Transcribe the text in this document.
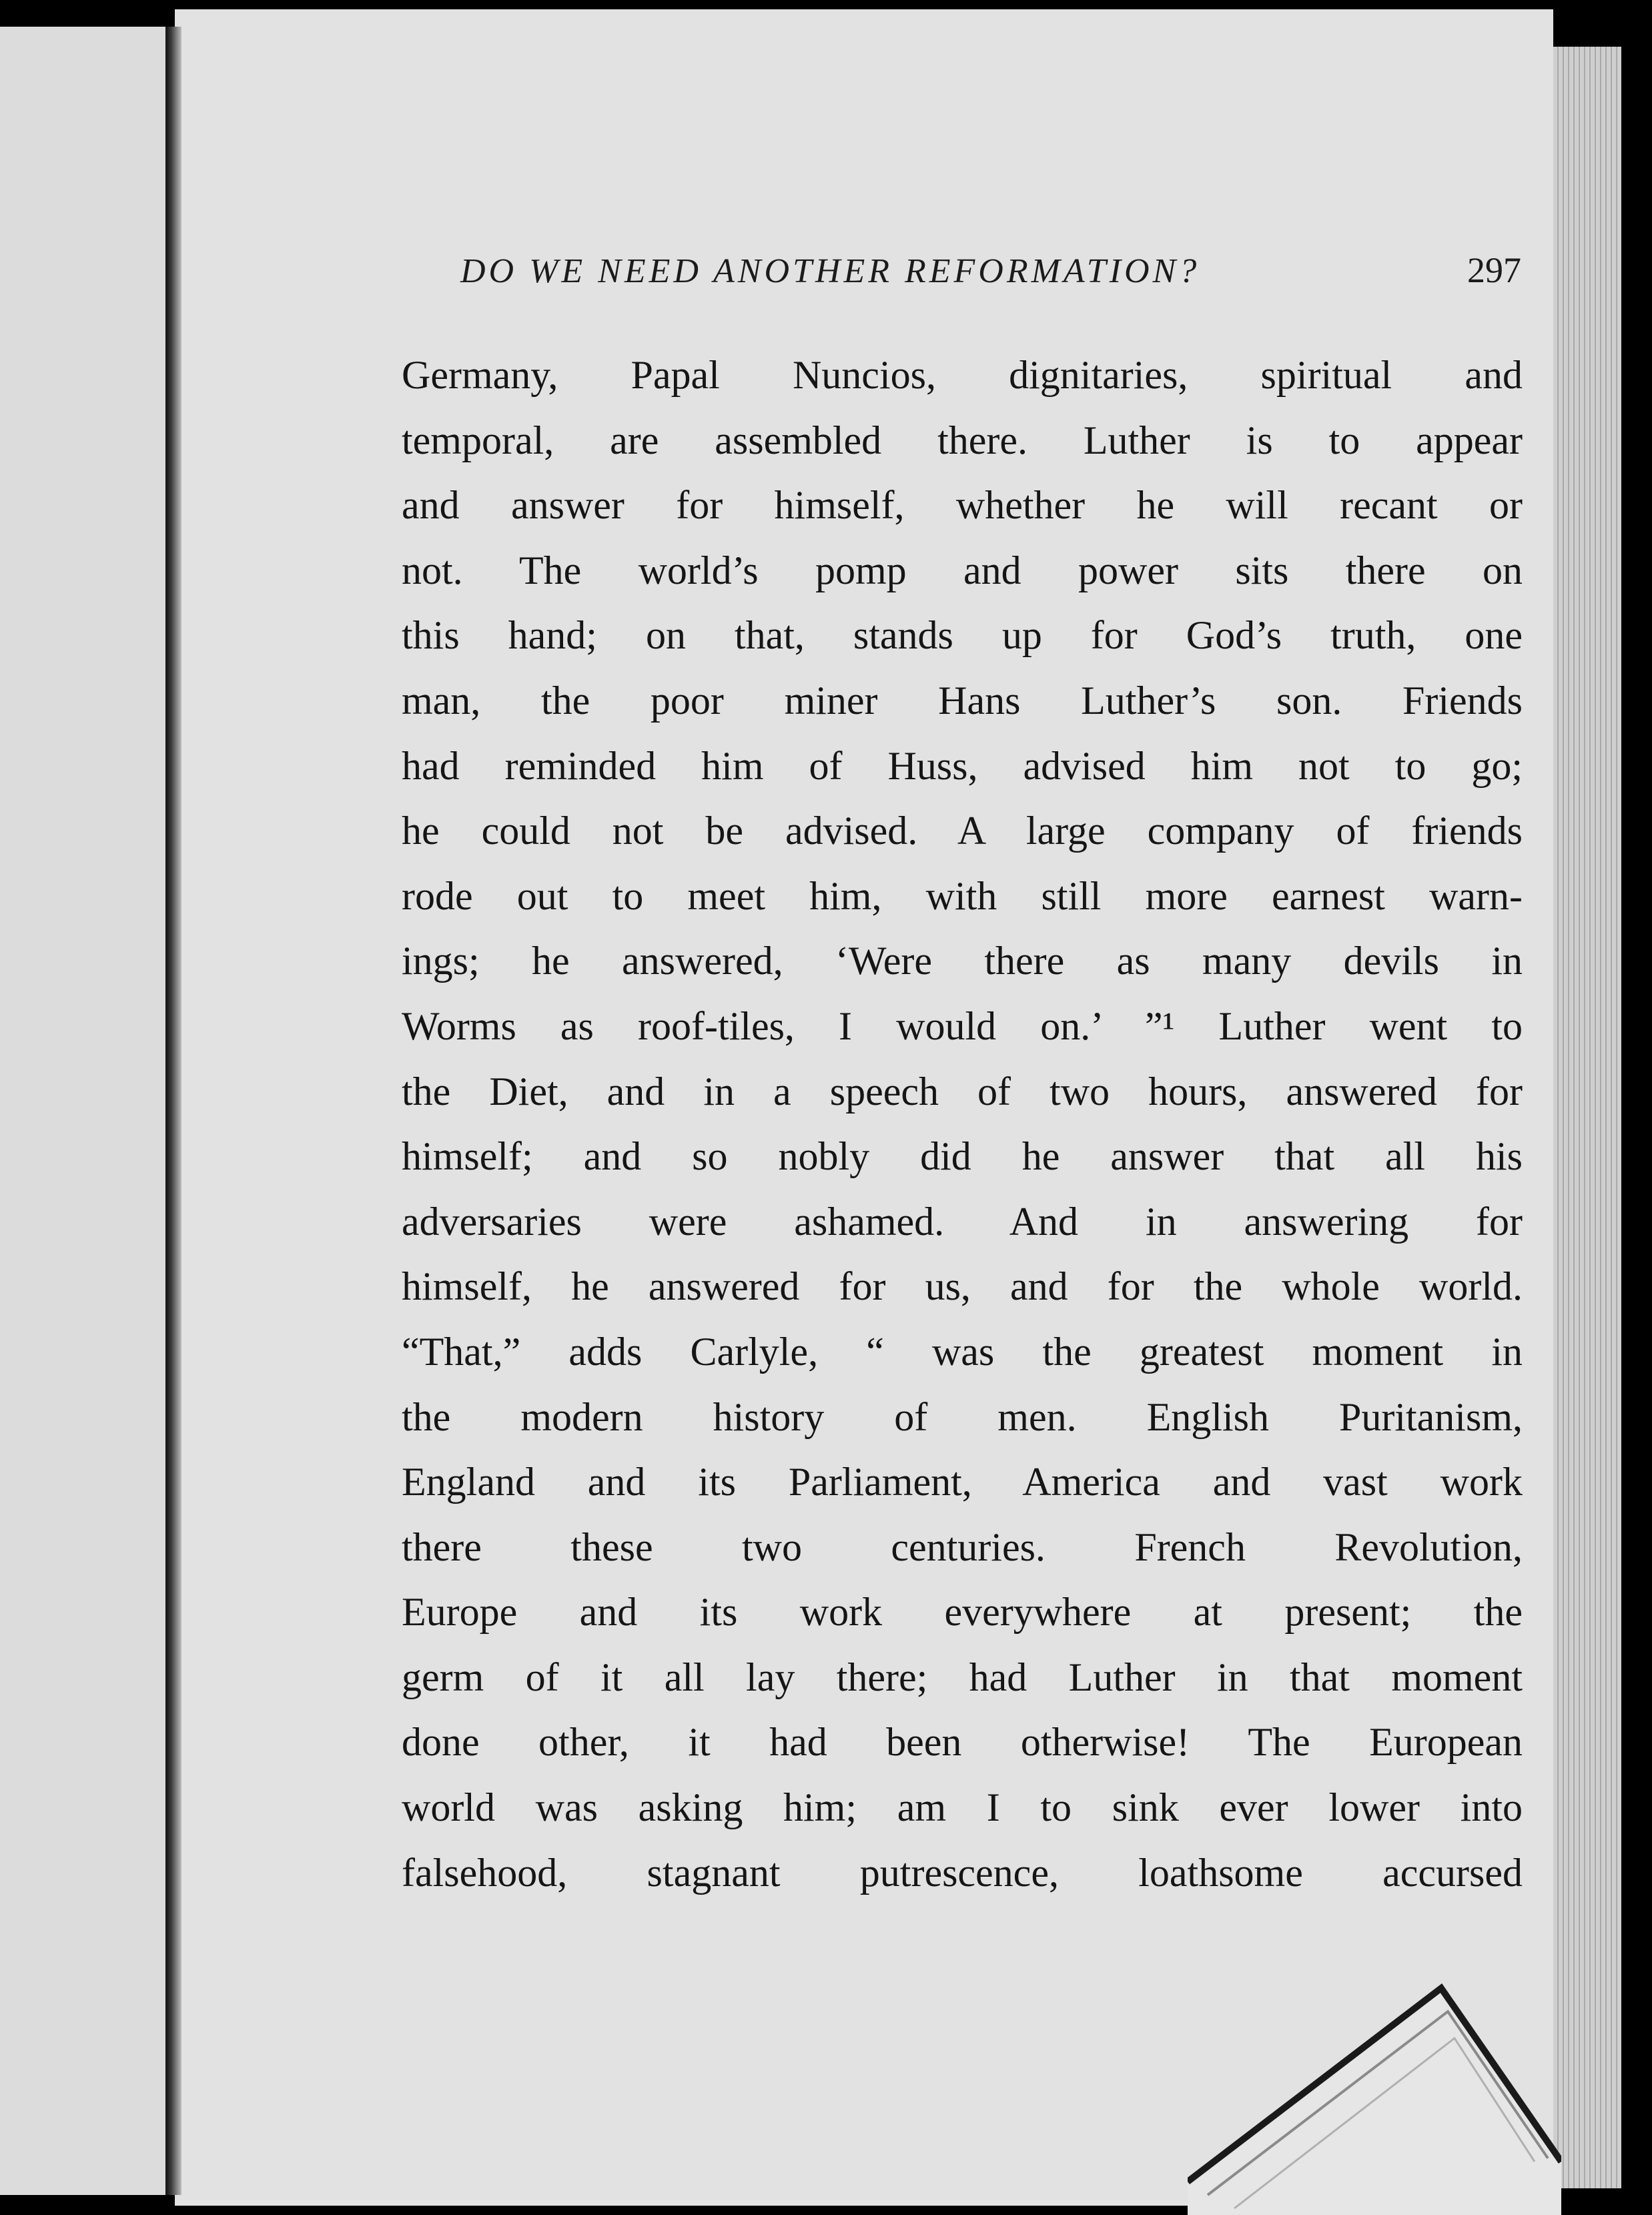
DO WE NEED ANOTHER REFORMATION?	297
Germany, Papal Nuncios, dignitaries, spiritual and
temporal, are assembled there. Luther is to appear
and answer for himself, whether he will recant or
not. The world’s pomp and power sits there on
this hand; on that, stands up for God’s truth, one
man, the poor miner Hans Luther’s son. Friends
had reminded him of Huss, advised him not to go;
he could not be advised. A large company of friends
rode out to meet him, with still more earnest warn-
ings; he answered, ‘Were there as many devils in
Worms as roof-tiles, I would on.’ ”¹ Luther went to
the Diet, and in a speech of two hours, answered for
himself; and so nobly did he answer that all his
adversaries were ashamed. And in answering for
himself, he answered for us, and for the whole world.
“That,” adds Carlyle, “ was the greatest moment in
the modern history of men. English Puritanism,
England and its Parliament, America and vast work
there these two centuries. French Revolution,
Europe and its work everywhere at present; the
germ of it all lay there; had Luther in that moment
done other, it had been otherwise! The European
world was asking him; am I to sink ever lower into
falsehood, stagnant putrescence, loathsome accursed
